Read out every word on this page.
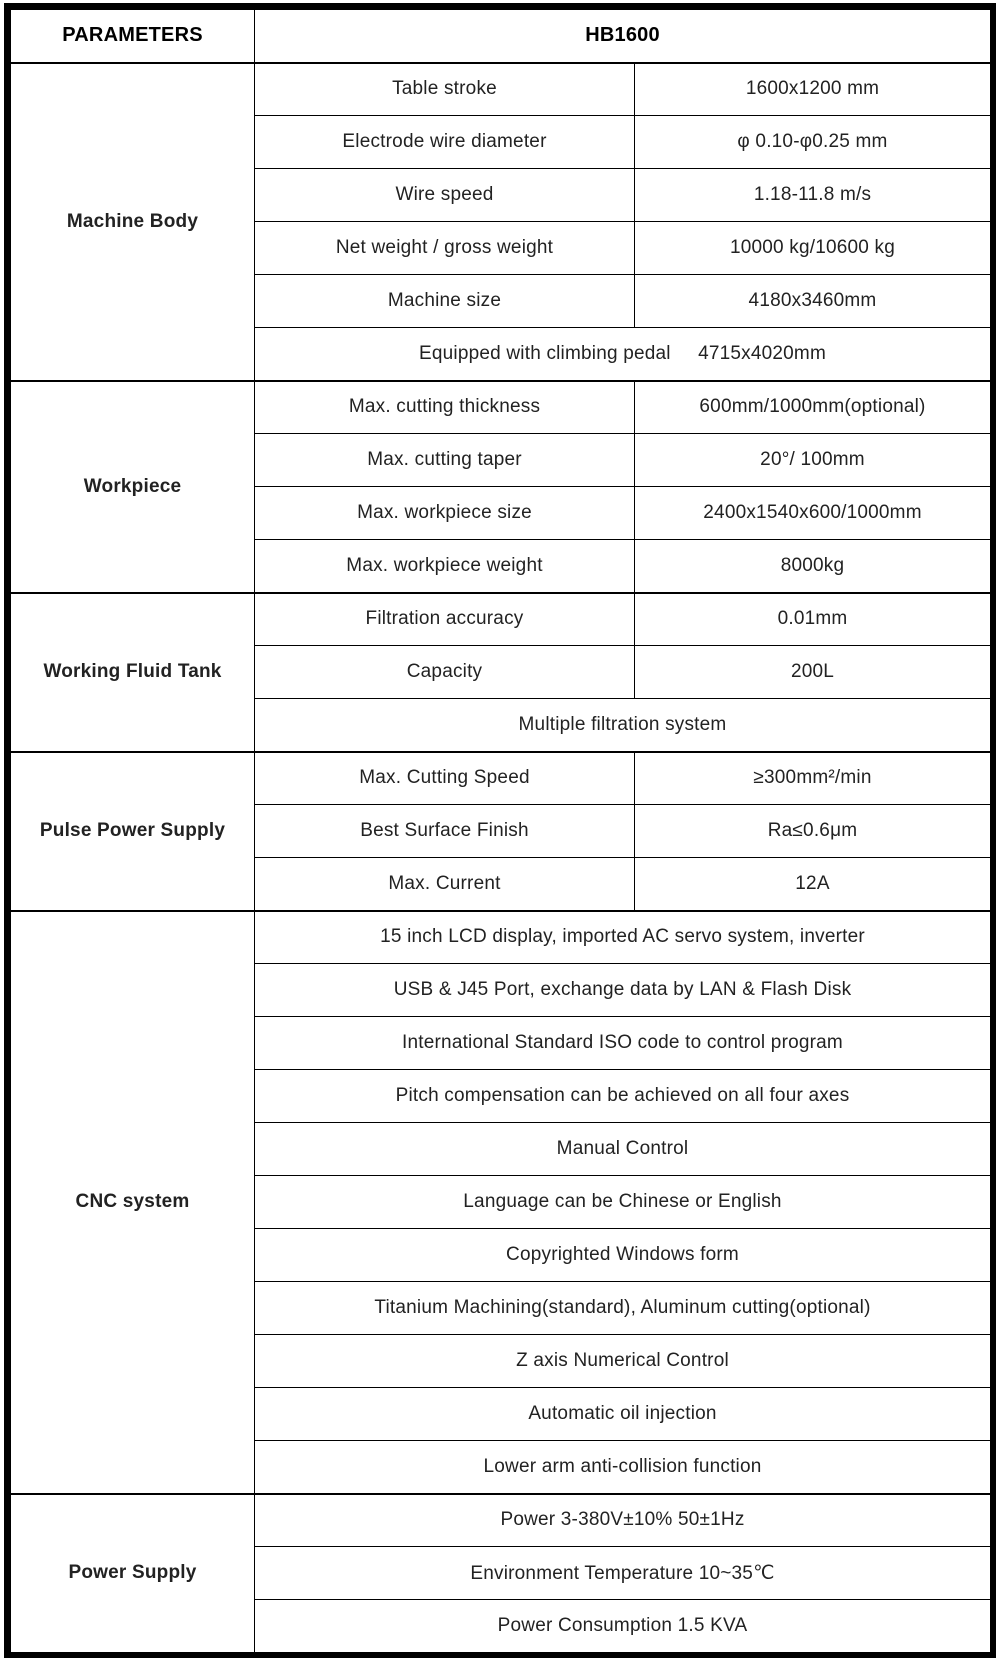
PARAMETERS	HB1600	
Machine Body	Table stroke	1600x1200 mm
	Electrode wire diameter	φ 0.10-φ0.25 mm
	Wire speed	1.18-11.8 m/s
	Net weight / gross weight	10000 kg/10600 kg
	Machine size	4180x3460mm
	Equipped with climbing pedal     4715x4020mm	
Workpiece	Max. cutting thickness	600mm/1000mm(optional)
	Max. cutting taper	20°/ 100mm
	Max. workpiece size	2400x1540x600/1000mm
	Max. workpiece weight	8000kg
Working Fluid Tank	Filtration accuracy	0.01mm
	Capacity	200L
	Multiple filtration system	
Pulse Power Supply	Max. Cutting Speed	≥300mm²/min
	Best Surface Finish	Ra≤0.6μm
	Max. Current	12A
CNC system	15 inch LCD display, imported AC servo system, inverter	
	USB & J45 Port, exchange data by LAN & Flash Disk	
	International Standard ISO code to control program	
	Pitch compensation can be achieved on all four axes	
	Manual Control	
	Language can be Chinese or English	
	Copyrighted Windows form	
	Titanium Machining(standard), Aluminum cutting(optional)	
	Z axis Numerical Control	
	Automatic oil injection	
	Lower arm anti-collision function	
Power Supply	Power 3-380V±10% 50±1Hz	
	Environment Temperature 10~35℃	
	Power Consumption 1.5 KVA	
